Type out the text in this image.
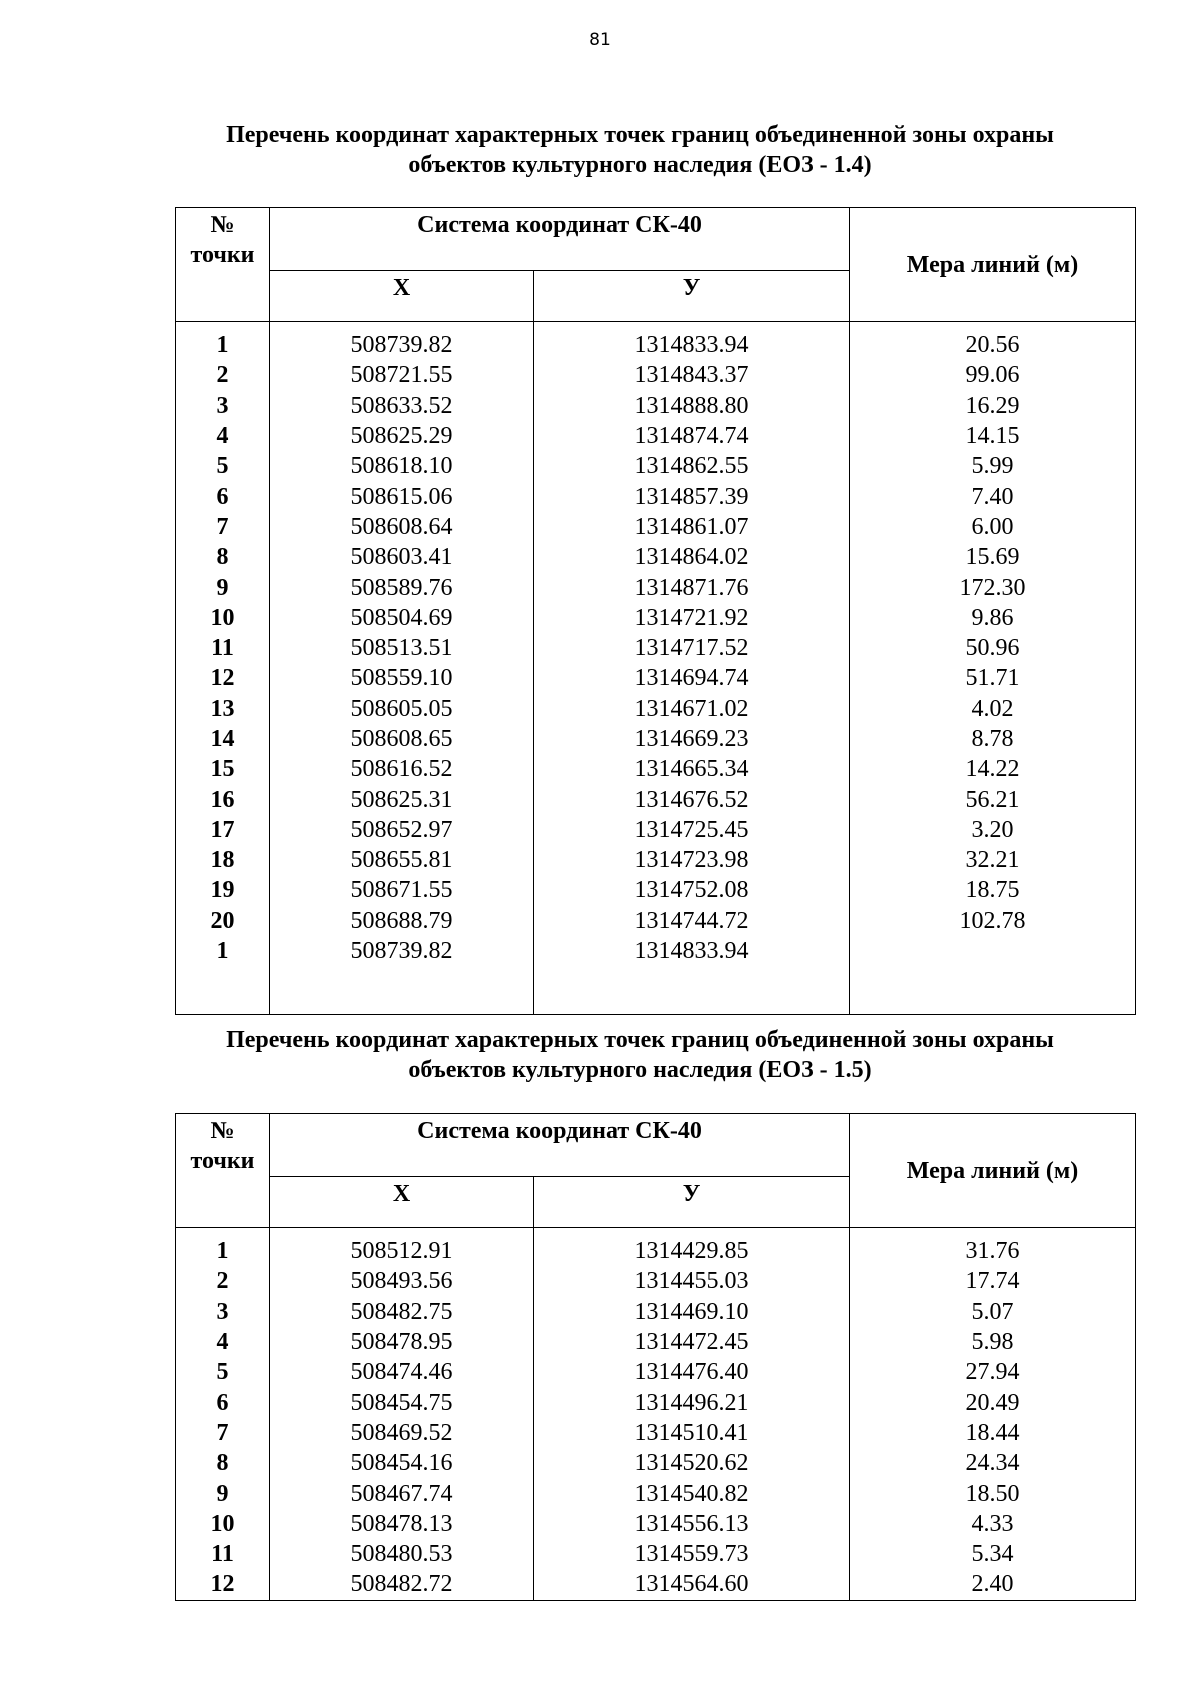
81
Перечень координат характерных точек границ объединенной зоны охраны
объектов культурного наследия (ЕОЗ - 1.4)
№
точки	Система координат СК-40		Мера линий (м)
	X	У	

1	508739.82	1314833.94	20.56
2	508721.55	1314843.37	99.06
3	508633.52	1314888.80	16.29
4	508625.29	1314874.74	14.15
5	508618.10	1314862.55	5.99
6	508615.06	1314857.39	7.40
7	508608.64	1314861.07	6.00
8	508603.41	1314864.02	15.69
9	508589.76	1314871.76	172.30
10	508504.69	1314721.92	9.86
11	508513.51	1314717.52	50.96
12	508559.10	1314694.74	51.71
13	508605.05	1314671.02	4.02
14	508608.65	1314669.23	8.78
15	508616.52	1314665.34	14.22
16	508625.31	1314676.52	56.21
17	508652.97	1314725.45	3.20
18	508655.81	1314723.98	32.21
19	508671.55	1314752.08	18.75
20	508688.79	1314744.72	102.78
1	508739.82	1314833.94	

Перечень координат характерных точек границ объединенной зоны охраны
объектов культурного наследия (ЕОЗ - 1.5)
№
точки	Система координат СК-40		Мера линий (м)
	X	У	

1	508512.91	1314429.85	31.76
2	508493.56	1314455.03	17.74
3	508482.75	1314469.10	5.07
4	508478.95	1314472.45	5.98
5	508474.46	1314476.40	27.94
6	508454.75	1314496.21	20.49
7	508469.52	1314510.41	18.44
8	508454.16	1314520.62	24.34
9	508467.74	1314540.82	18.50
10	508478.13	1314556.13	4.33
11	508480.53	1314559.73	5.34
12	508482.72	1314564.60	2.40
